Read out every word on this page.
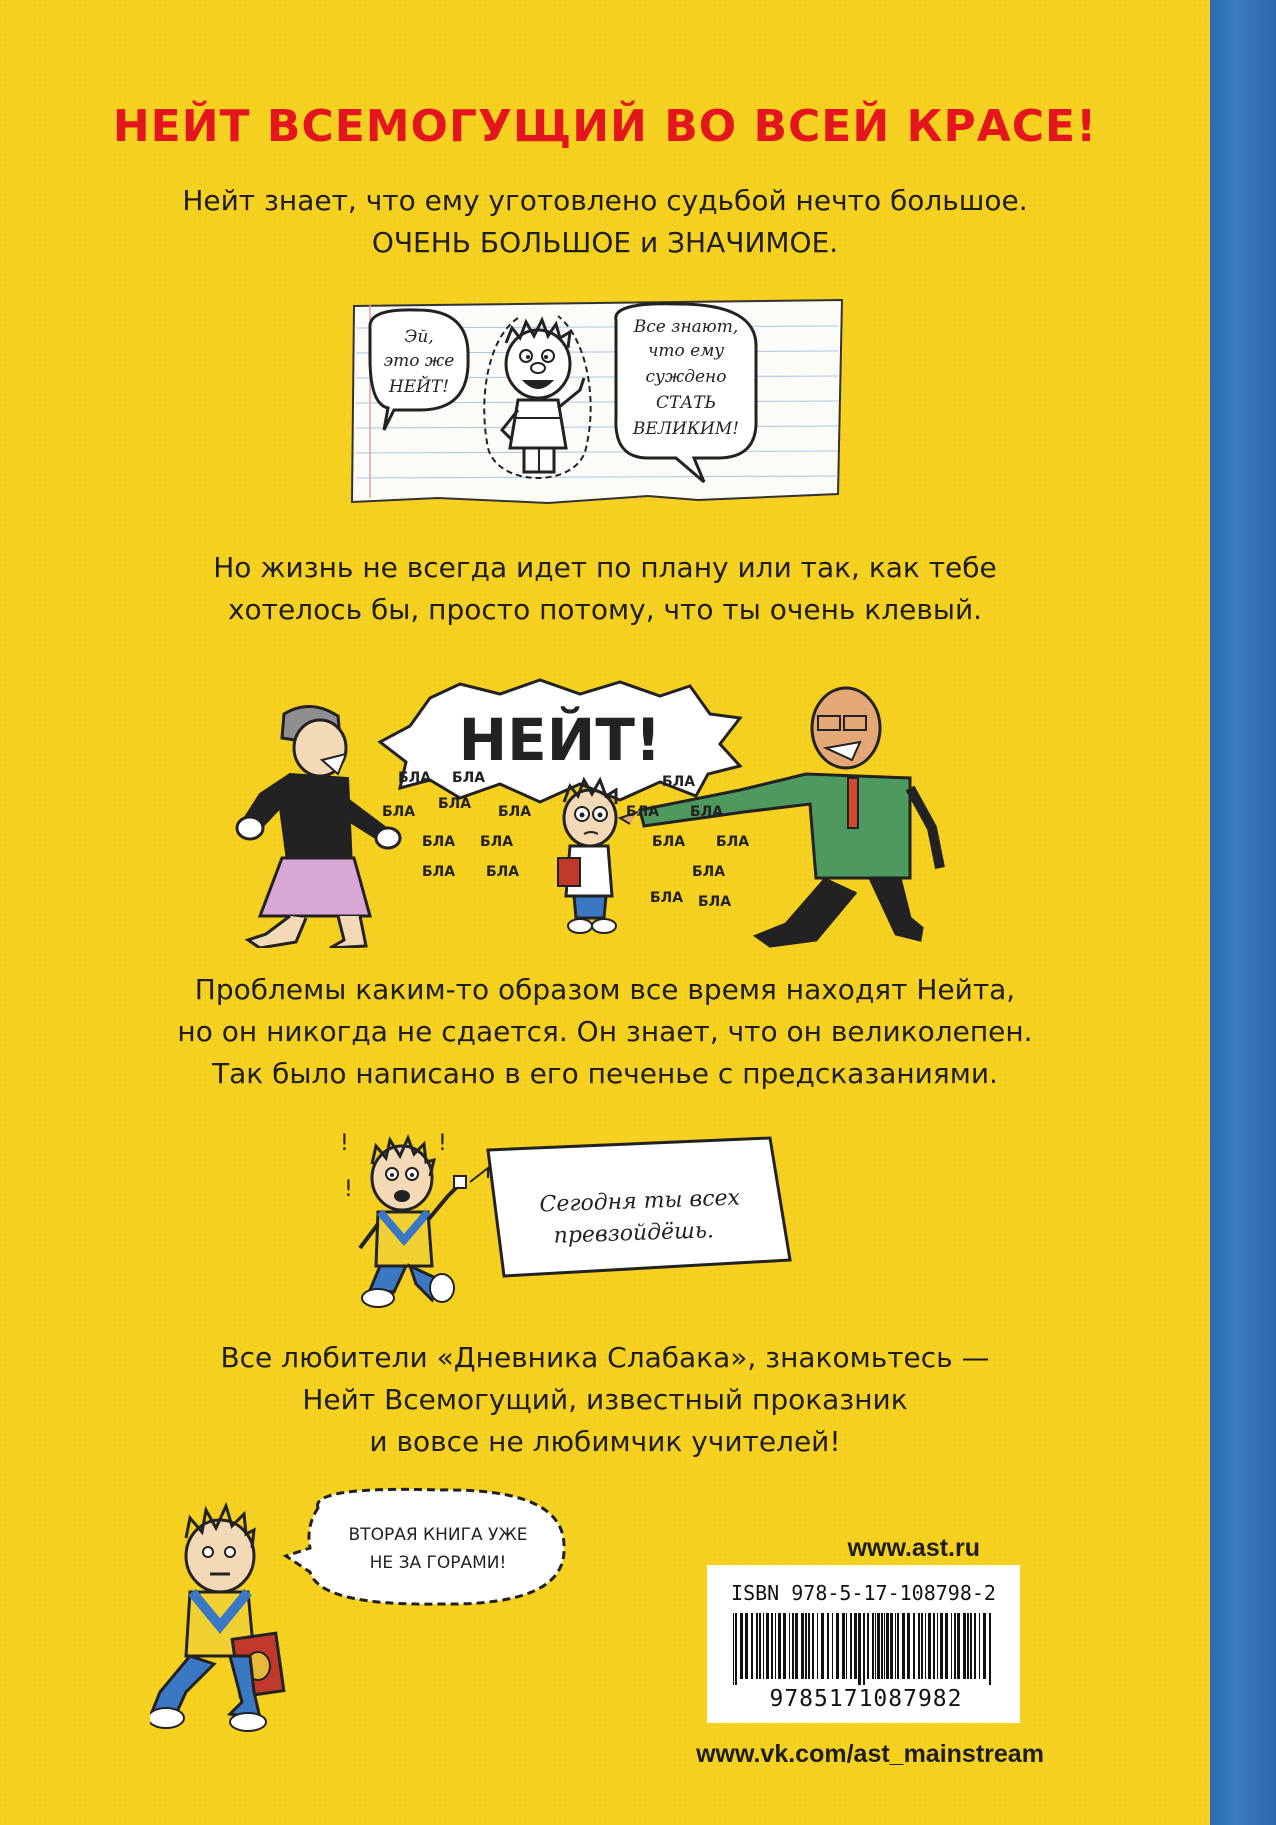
НЕЙТ ВСЕМОГУЩИЙ ВО ВСЕЙ КРАСЕ!
Нейт знает, что ему уготовлено судьбой нечто большое.
ОЧЕНЬ БОЛЬШОЕ и ЗНАЧИМОЕ.
Эй,
это же
НЕЙТ!
Все знают,
что ему
суждено
СТАТЬ
ВЕЛИКИМ!
Но жизнь не всегда идет по плану или так, как тебе
хотелось бы, просто потому, что ты очень клевый.
НЕЙТ!
БЛА БЛА
БЛА БЛА БЛА
БЛА БЛА
БЛА БЛА
БЛА
БЛА БЛА
БЛА БЛА
БЛА
БЛА
БЛА
Проблемы каким-то образом все время находят Нейта,
но он никогда не сдается. Он знает, что он великолепен.
Так было написано в его печенье с предсказаниями.
!
!
!
Сегодня ты всех
превзойдёшь.
Все любители «Дневника Слабака», знакомьтесь —
Нейт Всемогущий, известный проказник
и вовсе не любимчик учителей!
ВТОРАЯ КНИГА УЖЕ
НЕ ЗА ГОРАМИ!
www.ast.ru
ISBN 978-5-17-108798-2
9785171087982
www.vk.com/ast_mainstream
